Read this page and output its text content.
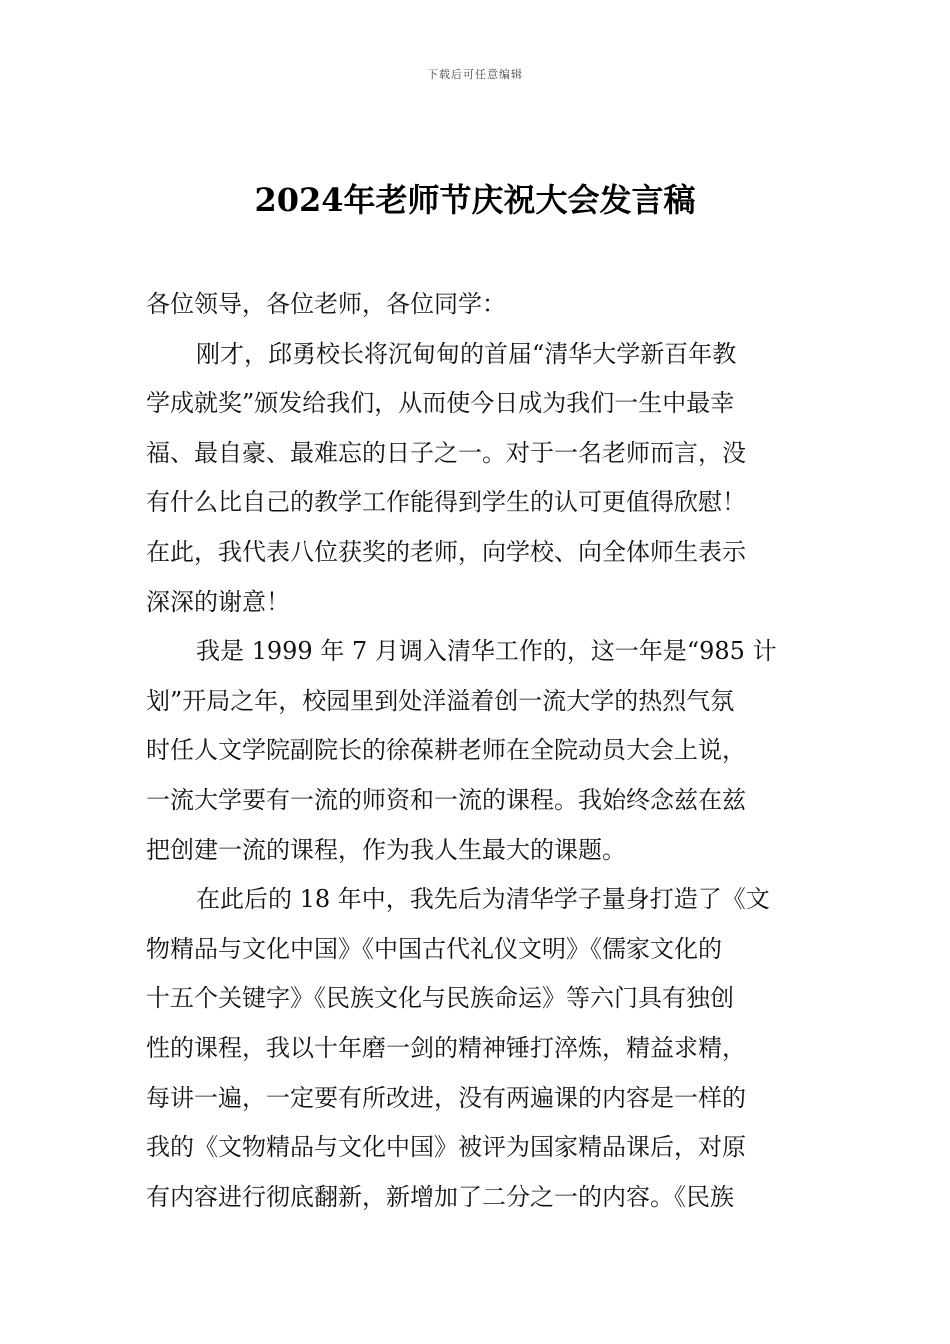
下载后可任意编辑
2024年老师节庆祝大会发言稿
各位领导，各位老师，各位同学：
刚才，邱勇校长将沉甸甸的首届“清华大学新百年教
学成就奖”颁发给我们，从而使今日成为我们一生中最幸
福、最自豪、最难忘的日子之一。对于一名老师而言，没
有什么比自己的教学工作能得到学生的认可更值得欣慰！
在此，我代表八位获奖的老师，向学校、向全体师生表示
深深的谢意！
我是 1999 年 7 月调入清华工作的，这一年是“985 计
划”开局之年，校园里到处洋溢着创一流大学的热烈气氛
时任人文学院副院长的徐葆耕老师在全院动员大会上说，
一流大学要有一流的师资和一流的课程。我始终念兹在兹
把创建一流的课程，作为我人生最大的课题。
在此后的 18 年中，我先后为清华学子量身打造了《文
物精品与文化中国》《中国古代礼仪文明》《儒家文化的
十五个关键字》《民族文化与民族命运》等六门具有独创
性的课程，我以十年磨一剑的精神锤打淬炼，精益求精，
每讲一遍，一定要有所改进，没有两遍课的内容是一样的
我的《文物精品与文化中国》被评为国家精品课后，对原
有内容进行彻底翻新，新增加了二分之一的内容。《民族
